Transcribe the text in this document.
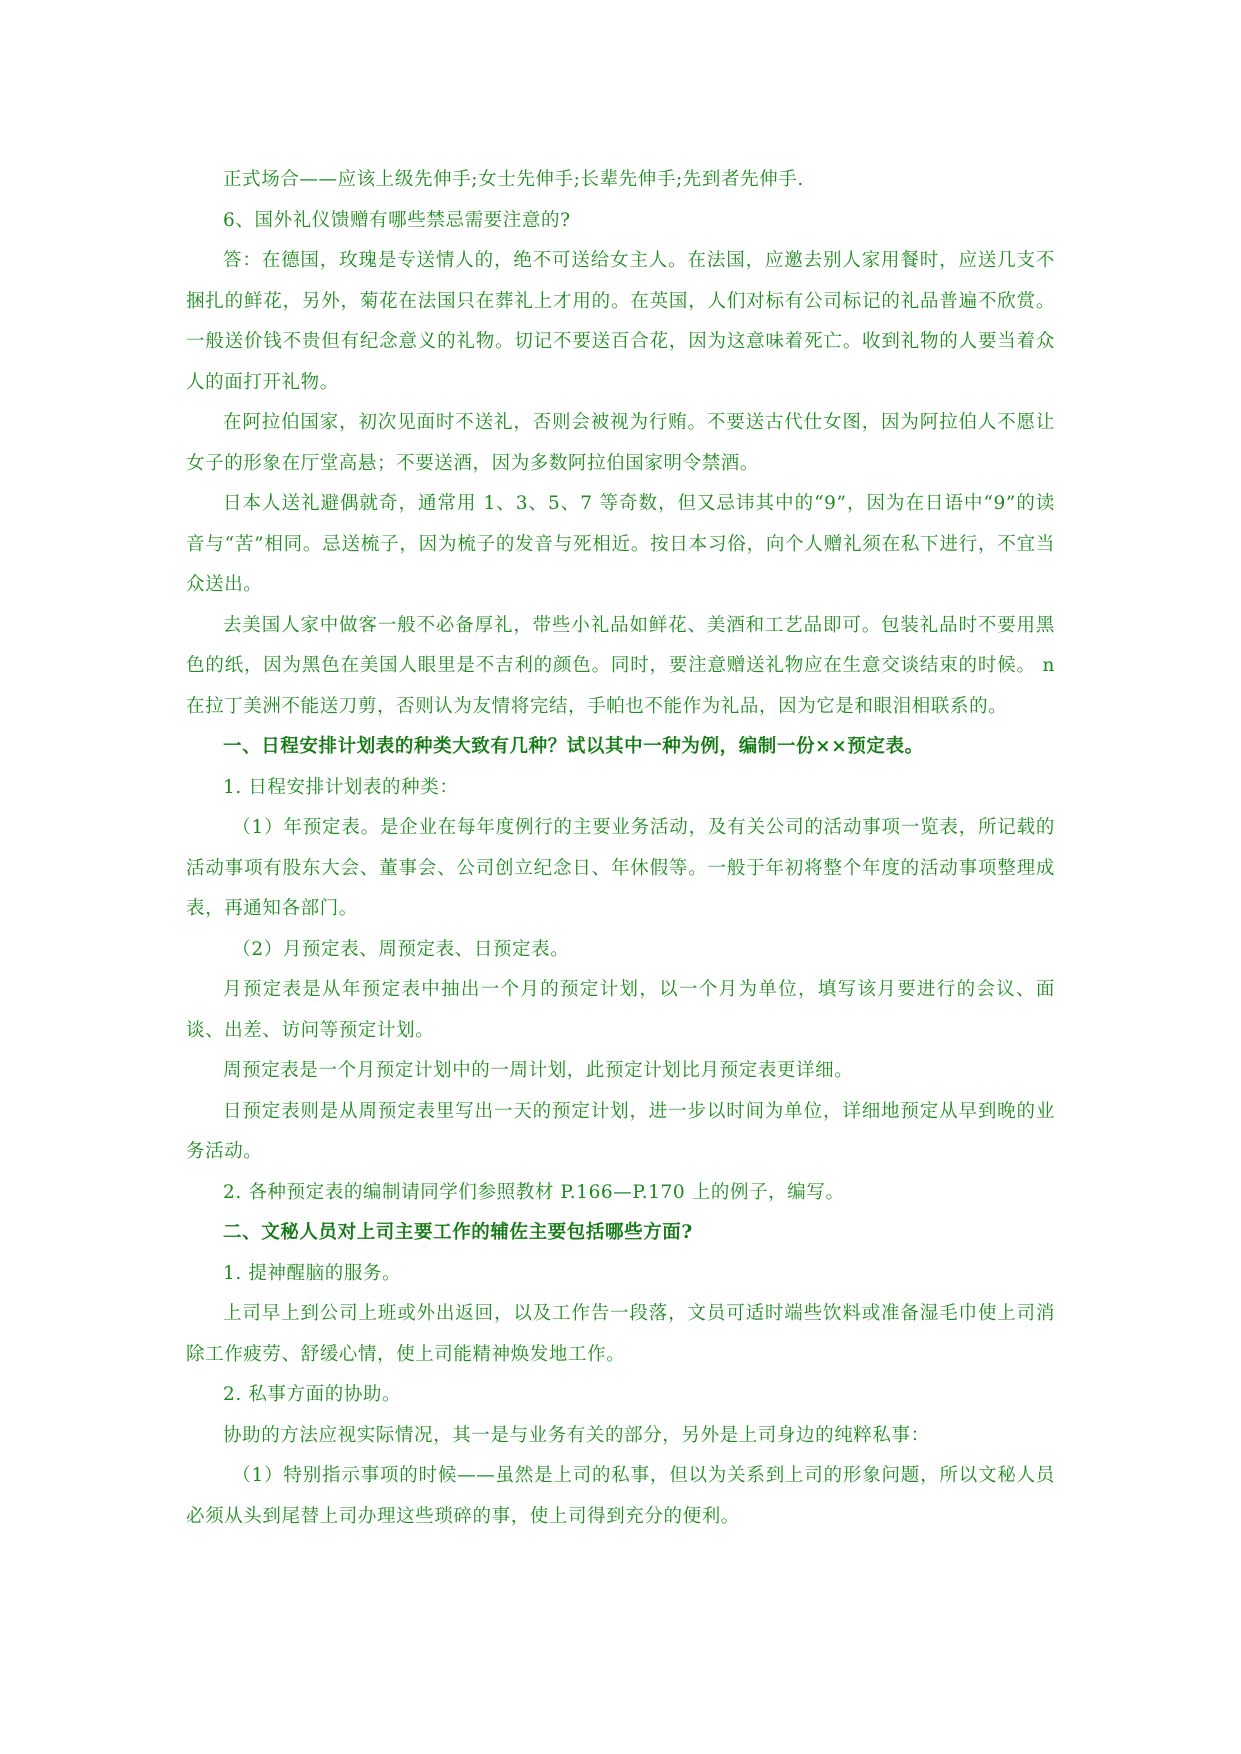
正式场合——应该上级先伸手;女士先伸手;长辈先伸手;先到者先伸手.

6、国外礼仪馈赠有哪些禁忌需要注意的?

答：在德国，玫瑰是专送情人的，绝不可送给女主人。在法国，应邀去别人家用餐时，应送几支不捆扎的鲜花，另外，菊花在法国只在葬礼上才用的。在英国，人们对标有公司标记的礼品普遍不欣赏。一般送价钱不贵但有纪念意义的礼物。切记不要送百合花，因为这意味着死亡。收到礼物的人要当着众人的面打开礼物。

在阿拉伯国家，初次见面时不送礼，否则会被视为行贿。不要送古代仕女图，因为阿拉伯人不愿让女子的形象在厅堂高悬；不要送酒，因为多数阿拉伯国家明令禁酒。

日本人送礼避偶就奇，通常用 1、3、5、7 等奇数，但又忌讳其中的“9”，因为在日语中“9”的读音与“苦”相同。忌送梳子，因为梳子的发音与死相近。按日本习俗，向个人赠礼须在私下进行，不宜当众送出。

去美国人家中做客一般不必备厚礼，带些小礼品如鲜花、美酒和工艺品即可。包装礼品时不要用黑色的纸，因为黑色在美国人眼里是不吉利的颜色。同时，要注意赠送礼物应在生意交谈结束的时候。 n 在拉丁美洲不能送刀剪，否则认为友情将完结，手帕也不能作为礼品，因为它是和眼泪相联系的。

一、日程安排计划表的种类大致有几种？试以其中一种为例，编制一份××预定表。

1. 日程安排计划表的种类：

（1）年预定表。是企业在每年度例行的主要业务活动，及有关公司的活动事项一览表，所记载的活动事项有股东大会、董事会、公司创立纪念日、年休假等。一般于年初将整个年度的活动事项整理成表，再通知各部门。

（2）月预定表、周预定表、日预定表。

月预定表是从年预定表中抽出一个月的预定计划，以一个月为单位，填写该月要进行的会议、面谈、出差、访问等预定计划。

周预定表是一个月预定计划中的一周计划，此预定计划比月预定表更详细。

日预定表则是从周预定表里写出一天的预定计划，进一步以时间为单位，详细地预定从早到晚的业务活动。

2. 各种预定表的编制请同学们参照教材 P.166—P.170 上的例子，编写。

二、文秘人员对上司主要工作的辅佐主要包括哪些方面?

1. 提神醒脑的服务。

上司早上到公司上班或外出返回，以及工作告一段落，文员可适时端些饮料或准备湿毛巾使上司消除工作疲劳、舒缓心情，使上司能精神焕发地工作。

2. 私事方面的协助。

协助的方法应视实际情况，其一是与业务有关的部分，另外是上司身边的纯粹私事：

（1）特别指示事项的时候——虽然是上司的私事，但以为关系到上司的形象问题，所以文秘人员必须从头到尾替上司办理这些琐碎的事，使上司得到充分的便利。
